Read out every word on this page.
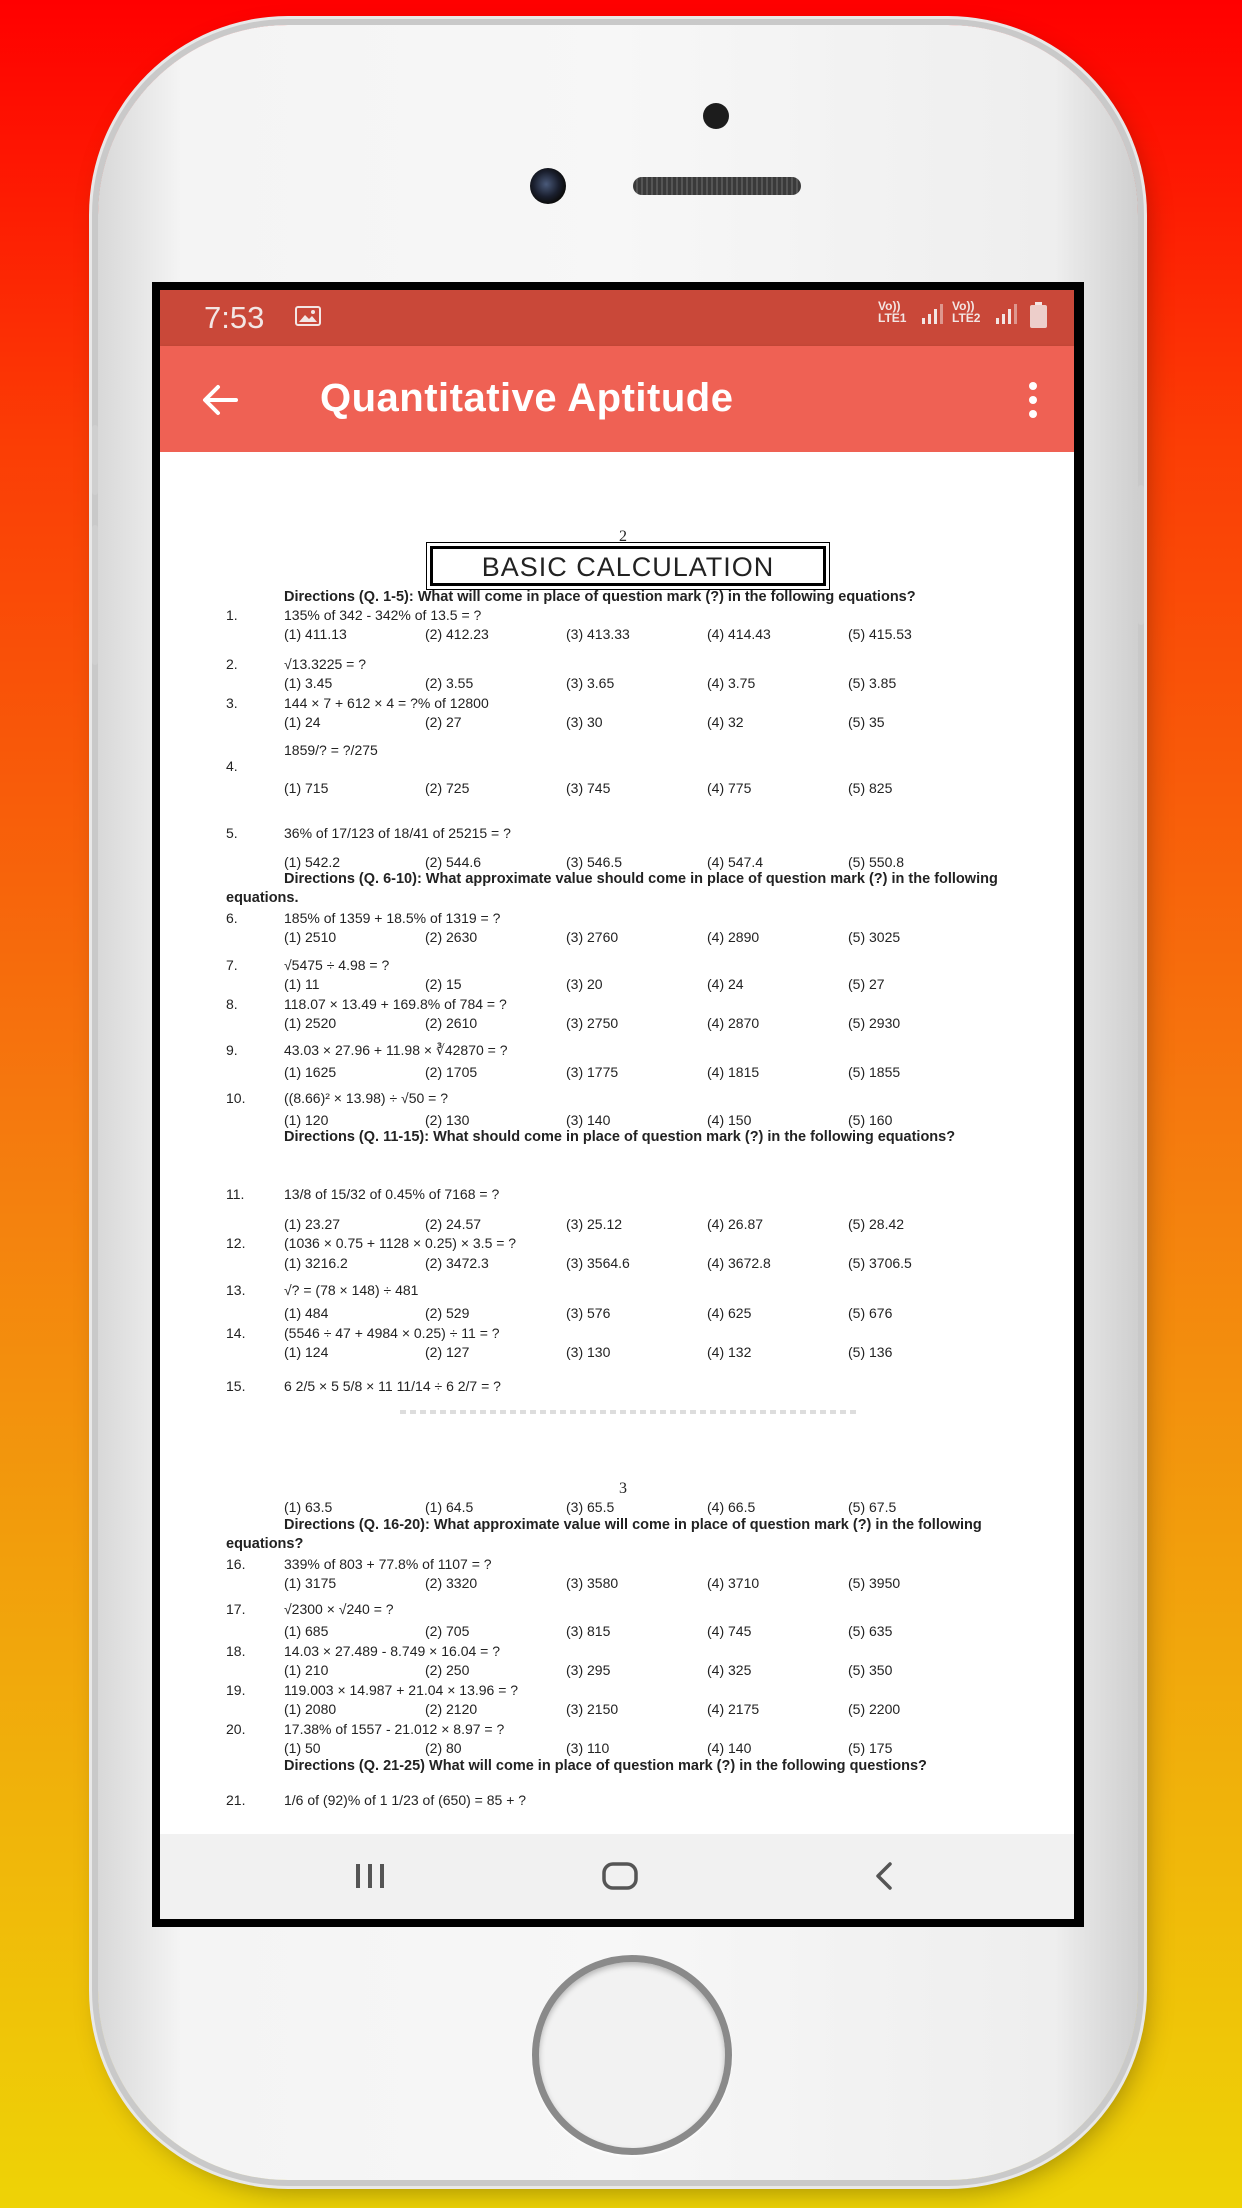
7:53	Vo))
LTE1
Vo))
LTE2
Quantitative Aptitude
2
BASIC CALCULATION
Directions (Q. 1-5): What will come in place of question mark (?) in the following equations?
1.	135% of 342 - 342% of 13.5 = ?
(1) 411.13	(2) 412.23	(3) 413.33	(4) 414.43	(5) 415.53
2.	√13.3225 = ?
(1) 3.45	(2) 3.55	(3) 3.65	(4) 3.75	(5) 3.85
3.	144 × 7 + 612 × 4 = ?% of 12800
(1) 24	(2) 27	(3) 30	(4) 32	(5) 35
4.
1859/? = ?/275
(1) 715	(2) 725	(3) 745	(4) 775	(5) 825
5.	36% of 17/123 of 18/41 of 25215 = ?
(1) 542.2	(2) 544.6	(3) 546.5	(4) 547.4	(5) 550.8
Directions (Q. 6-10): What approximate value should come in place of question mark (?) in the following equations.
6.	185% of 1359 + 18.5% of 1319 = ?
(1) 2510	(2) 2630	(3) 2760	(4) 2890	(5) 3025
7.	√5475 ÷ 4.98 = ?
(1) 11	(2) 15	(3) 20	(4) 24	(5) 27
8.	118.07 × 13.49 + 169.8% of 784 = ?
(1) 2520	(2) 2610	(3) 2750	(4) 2870	(5) 2930
9.	43.03 × 27.96 + 11.98 × ∛42870 = ?
(1) 1625	(2) 1705	(3) 1775	(4) 1815	(5) 1855
10.	((8.66)² × 13.98) ÷ √50 = ?
(1) 120	(2) 130	(3) 140	(4) 150	(5) 160
Directions (Q. 11-15): What should come in place of question mark (?) in the following equations?
11.	13/8 of 15/32 of 0.45% of 7168 = ?
(1) 23.27	(2) 24.57	(3) 25.12	(4) 26.87	(5) 28.42
12.	(1036 × 0.75 + 1128 × 0.25) × 3.5 = ?
(1) 3216.2	(2) 3472.3	(3) 3564.6	(4) 3672.8	(5) 3706.5
13.	√? = (78 × 148) ÷ 481
(1) 484	(2) 529	(3) 576	(4) 625	(5) 676
14.	(5546 ÷ 47 + 4984 × 0.25) ÷ 11 = ?
(1) 124	(2) 127	(3) 130	(4) 132	(5) 136
15.	6 2/5 × 5 5/8 × 11 11/14 ÷ 6 2/7 = ?
3
(1) 63.5	(1) 64.5	(3) 65.5	(4) 66.5	(5) 67.5
Directions (Q. 16-20): What approximate value will come in place of question mark (?) in the following equations?
16.	339% of 803 + 77.8% of 1107 = ?
(1) 3175	(2) 3320	(3) 3580	(4) 3710	(5) 3950
17.	√2300 × √240 = ?
(1) 685	(2) 705	(3) 815	(4) 745	(5) 635
18.	14.03 × 27.489 - 8.749 × 16.04 = ?
(1) 210	(2) 250	(3) 295	(4) 325	(5) 350
19.	119.003 × 14.987 + 21.04 × 13.96 = ?
(1) 2080	(2) 2120	(3) 2150	(4) 2175	(5) 2200
20.	17.38% of 1557 - 21.012 × 8.97 = ?
(1) 50	(2) 80	(3) 110	(4) 140	(5) 175
Directions (Q. 21-25) What will come in place of question mark (?) in the following questions?
21.	1/6 of (92)% of 1 1/23 of (650) = 85 + ?
